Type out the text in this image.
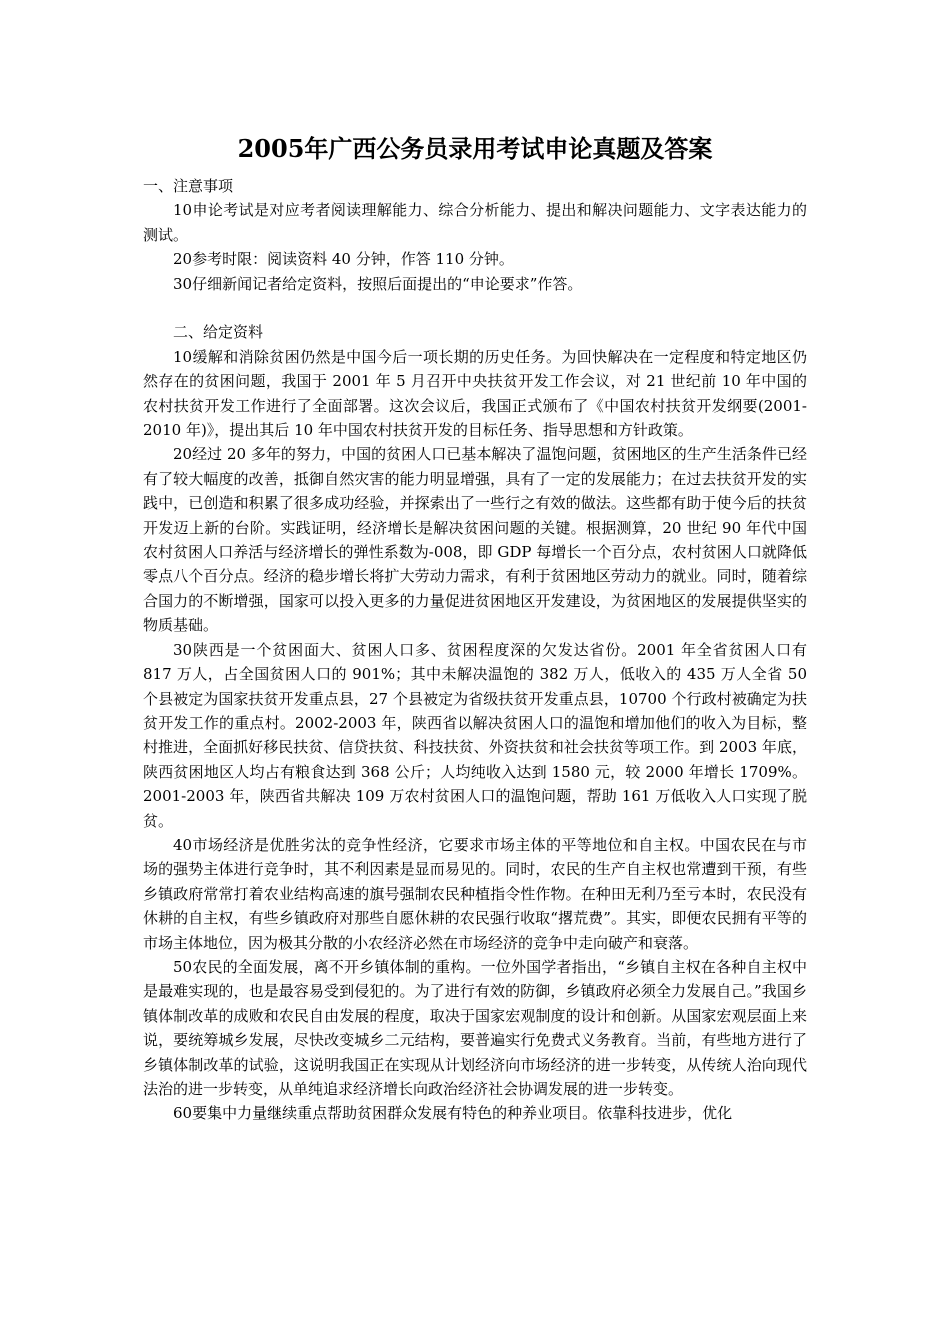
2005年广西公务员录用考试申论真题及答案

一、注意事项

10申论考试是对应考者阅读理解能力、综合分析能力、提出和解决问题能力、文字表达能力的测试。

20参考时限：阅读资料 40 分钟，作答 110 分钟。

30仔细新闻记者给定资料，按照后面提出的“申论要求”作答。

二、给定资料

10缓解和消除贫困仍然是中国今后一项长期的历史任务。为回快解决在一定程度和特定地区仍然存在的贫困问题，我国于 2001 年 5 月召开中央扶贫开发工作会议，对 21 世纪前 10 年中国的农村扶贫开发工作进行了全面部署。这次会议后，我国正式颁布了《中国农村扶贫开发纲要(2001-2010 年)》，提出其后 10 年中国农村扶贫开发的目标任务、指导思想和方针政策。

20经过 20 多年的努力，中国的贫困人口已基本解决了温饱问题，贫困地区的生产生活条件已经有了较大幅度的改善，抵御自然灾害的能力明显增强，具有了一定的发展能力；在过去扶贫开发的实践中，已创造和积累了很多成功经验，并探索出了一些行之有效的做法。这些都有助于使今后的扶贫开发迈上新的台阶。实践证明，经济增长是解决贫困问题的关键。根据测算，20 世纪 90 年代中国农村贫困人口养活与经济增长的弹性系数为-008，即 GDP 每增长一个百分点，农村贫困人口就降低零点八个百分点。经济的稳步增长将扩大劳动力需求，有利于贫困地区劳动力的就业。同时，随着综合国力的不断增强，国家可以投入更多的力量促进贫困地区开发建设，为贫困地区的发展提供坚实的物质基础。

30陕西是一个贫困面大、贫困人口多、贫困程度深的欠发达省份。2001 年全省贫困人口有 817 万人，占全国贫困人口的 901%；其中未解决温饱的 382 万人，低收入的 435 万人全省 50 个县被定为国家扶贫开发重点县，27 个县被定为省级扶贫开发重点县，10700 个行政村被确定为扶贫开发工作的重点村。2002-2003 年，陕西省以解决贫困人口的温饱和增加他们的收入为目标，整村推进，全面抓好移民扶贫、信贷扶贫、科技扶贫、外资扶贫和社会扶贫等项工作。到 2003 年底，陕西贫困地区人均占有粮食达到 368 公斤；人均纯收入达到 1580 元，较 2000 年增长 1709%。2001-2003 年，陕西省共解决 109 万农村贫困人口的温饱问题，帮助 161 万低收入人口实现了脱贫。

40市场经济是优胜劣汰的竞争性经济，它要求市场主体的平等地位和自主权。中国农民在与市场的强势主体进行竞争时，其不利因素是显而易见的。同时，农民的生产自主权也常遭到干预，有些乡镇政府常常打着农业结构高速的旗号强制农民种植指令性作物。在种田无利乃至亏本时，农民没有休耕的自主权，有些乡镇政府对那些自愿休耕的农民强行收取“撂荒费”。其实，即便农民拥有平等的市场主体地位，因为极其分散的小农经济必然在市场经济的竞争中走向破产和衰落。

50农民的全面发展，离不开乡镇体制的重构。一位外国学者指出，“乡镇自主权在各种自主权中是最难实现的，也是最容易受到侵犯的。为了进行有效的防御，乡镇政府必须全力发展自己。”我国乡镇体制改革的成败和农民自由发展的程度，取决于国家宏观制度的设计和创新。从国家宏观层面上来说，要统筹城乡发展，尽快改变城乡二元结构，要普遍实行免费式义务教育。当前，有些地方进行了乡镇体制改革的试验，这说明我国正在实现从计划经济向市场经济的进一步转变，从传统人治向现代法治的进一步转变，从单纯追求经济增长向政治经济社会协调发展的进一步转变。

60要集中力量继续重点帮助贫困群众发展有特色的种养业项目。依靠科技进步，优化
